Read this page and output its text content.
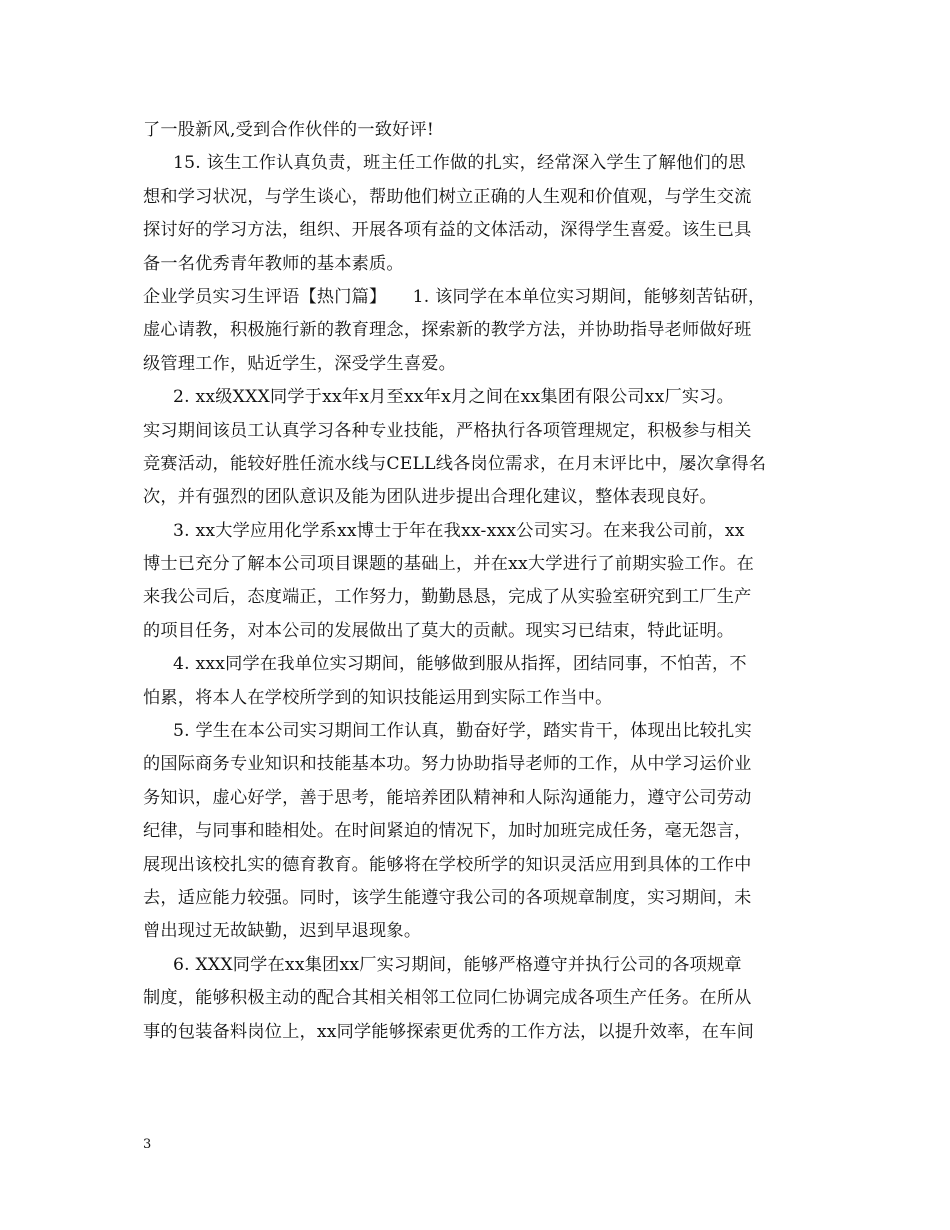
了一股新风,受到合作伙伴的一致好评!
15. 该生工作认真负责，班主任工作做的扎实，经常深入学生了解他们的思
想和学习状况，与学生谈心，帮助他们树立正确的人生观和价值观，与学生交流
探讨好的学习方法，组织、开展各项有益的文体活动，深得学生喜爱。该生已具
备一名优秀青年教师的基本素质。
企业学员实习生评语【热门篇】　　1. 该同学在本单位实习期间，能够刻苦钻研，
虚心请教，积极施行新的教育理念，探索新的教学方法，并协助指导老师做好班
级管理工作，贴近学生，深受学生喜爱。
2. xx级XXX同学于xx年x月至xx年x月之间在xx集团有限公司xx厂实习。
实习期间该员工认真学习各种专业技能，严格执行各项管理规定，积极参与相关
竞赛活动，能较好胜任流水线与CELL线各岗位需求，在月末评比中，屡次拿得名
次，并有强烈的团队意识及能为团队进步提出合理化建议，整体表现良好。
3. xx大学应用化学系xx博士于年在我xx-xxx公司实习。在来我公司前，xx
博士已充分了解本公司项目课题的基础上，并在xx大学进行了前期实验工作。在
来我公司后，态度端正，工作努力，勤勤恳恳，完成了从实验室研究到工厂生产
的项目任务，对本公司的发展做出了莫大的贡献。现实习已结束，特此证明。
4. xxx同学在我单位实习期间，能够做到服从指挥，团结同事，不怕苦，不
怕累，将本人在学校所学到的知识技能运用到实际工作当中。
5. 学生在本公司实习期间工作认真，勤奋好学，踏实肯干，体现出比较扎实
的国际商务专业知识和技能基本功。努力协助指导老师的工作，从中学习运价业
务知识，虚心好学，善于思考，能培养团队精神和人际沟通能力，遵守公司劳动
纪律，与同事和睦相处。在时间紧迫的情况下，加时加班完成任务，毫无怨言，
展现出该校扎实的德育教育。能够将在学校所学的知识灵活应用到具体的工作中
去，适应能力较强。同时，该学生能遵守我公司的各项规章制度，实习期间，未
曾出现过无故缺勤，迟到早退现象。
6. XXX同学在xx集团xx厂实习期间，能够严格遵守并执行公司的各项规章
制度，能够积极主动的配合其相关相邻工位同仁协调完成各项生产任务。在所从
事的包装备料岗位上，xx同学能够探索更优秀的工作方法，以提升效率，在车间
3
